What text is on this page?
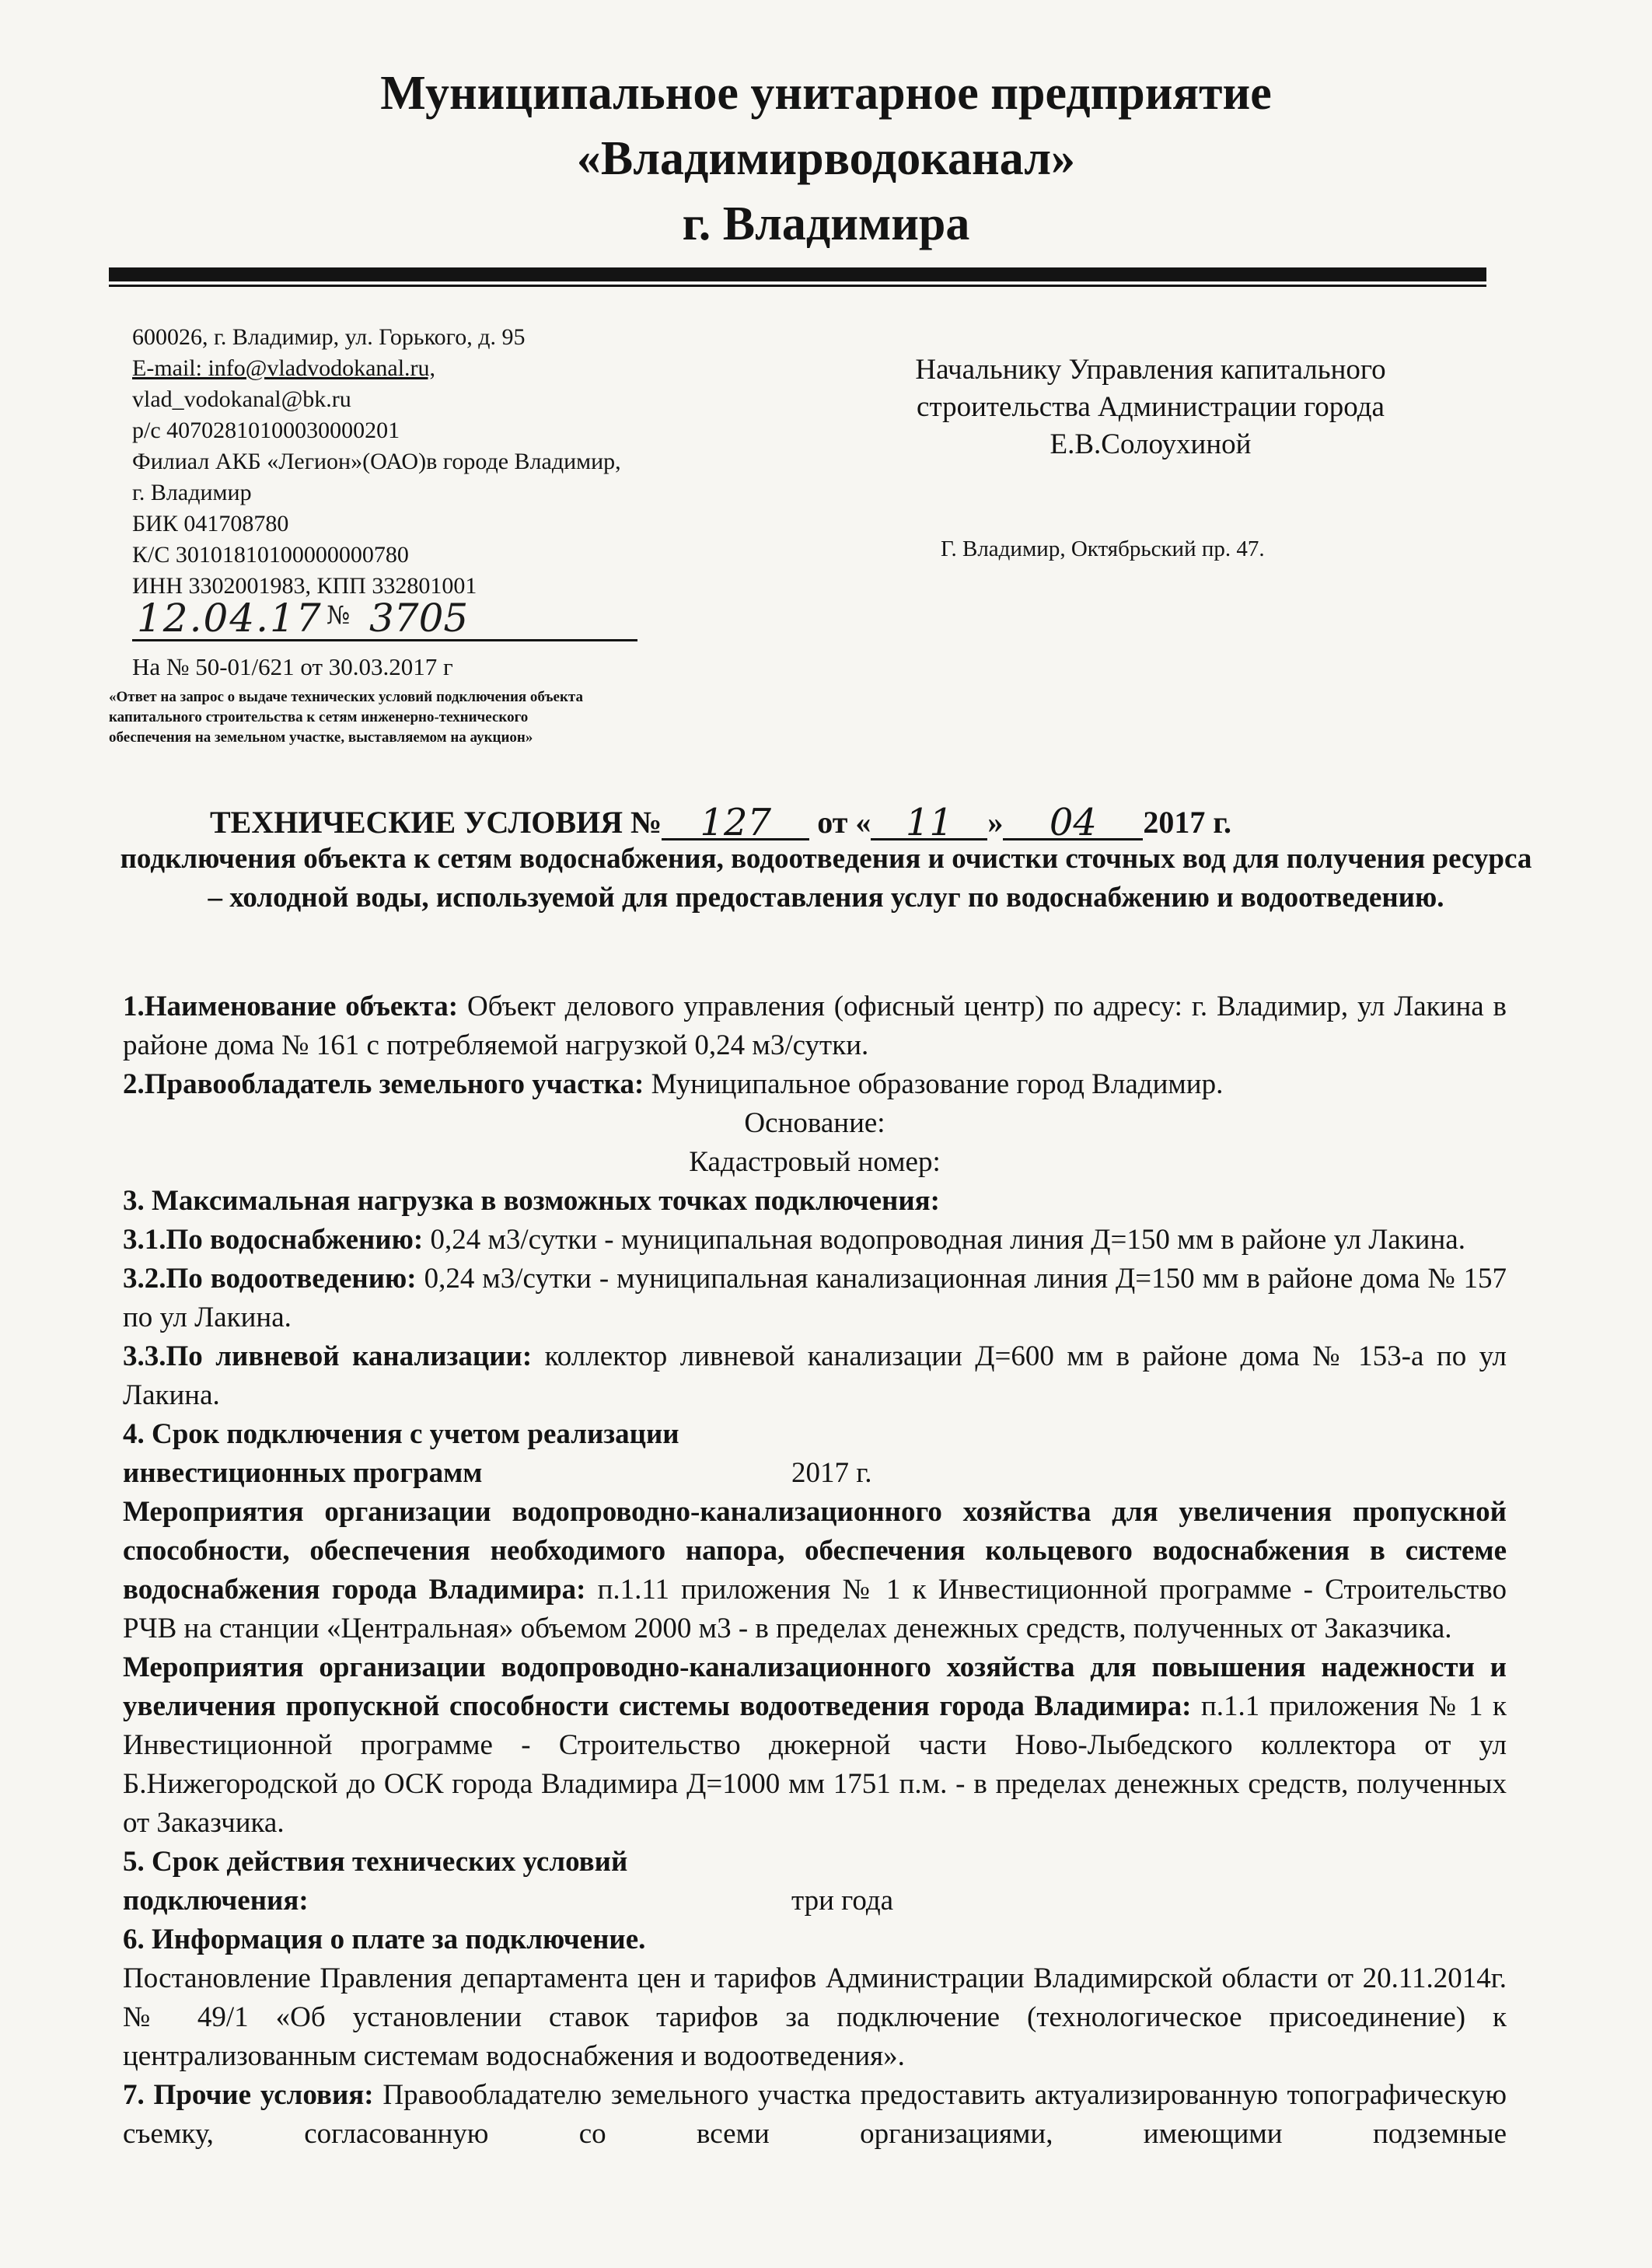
Муниципальное унитарное предприятие
«Владимирводоканал»
г. Владимира
600026, г. Владимир, ул. Горького, д. 95
E-mail: info@vladvodokanal.ru,
vlad_vodokanal@bk.ru
р/с 40702810100030000201
Филиал АКБ «Легион»(ОАО)в городе Владимир,
г. Владимир
БИК 041708780
К/С 30101810100000000780
ИНН 3302001983, КПП 332801001
12.04.17 № 3705
На № 50-01/621 от 30.03.2017 г
«Ответ на запрос о выдаче технических условий подключения объекта капитального строительства к сетям инженерно-технического обеспечения на земельном участке, выставляемом на аукцион»
Начальнику Управления капитального
строительства Администрации города
Е.В.Солоухиной
Г. Владимир, Октябрьский пр. 47.
ТЕХНИЧЕСКИЕ УСЛОВИЯ № 127 от « 11 » 04 2017 г.
подключения объекта к сетям водоснабжения, водоотведения и очистки сточных вод для получения ресурса – холодной воды, используемой для предоставления услуг по водоснабжению и водоотведению.

1.Наименование объекта: Объект делового управления (офисный центр) по адресу: г. Владимир, ул Лакина в районе дома № 161 с потребляемой нагрузкой 0,24 м3/сутки.

2.Правообладатель земельного участка: Муниципальное образование город Владимир.

Основание:

Кадастровый номер:

3. Максимальная нагрузка в возможных точках подключения:

3.1.По водоснабжению: 0,24 м3/сутки - муниципальная водопроводная линия Д=150 мм в районе ул Лакина.

3.2.По водоотведению: 0,24 м3/сутки - муниципальная канализационная линия Д=150 мм в районе дома № 157 по ул Лакина.

3.3.По ливневой канализации: коллектор ливневой канализации Д=600 мм в районе дома № 153-а по ул Лакина.

4. Срок подключения с учетом реализации

инвестиционных программ	2017 г.

Мероприятия организации водопроводно-канализационного хозяйства для увеличения пропускной способности, обеспечения необходимого напора, обеспечения кольцевого водоснабжения в системе водоснабжения города Владимира: п.1.11 приложения № 1 к Инвестиционной программе - Строительство РЧВ на станции «Центральная» объемом 2000 м3 - в пределах денежных средств, полученных от Заказчика.

Мероприятия организации водопроводно-канализационного хозяйства для повышения надежности и увеличения пропускной способности системы водоотведения города Владимира: п.1.1 приложения № 1 к Инвестиционной программе - Строительство дюкерной части Ново-Лыбедского коллектора от ул Б.Нижегородской до ОСК города Владимира Д=1000 мм 1751 п.м. - в пределах денежных средств, полученных от Заказчика.

5. Срок действия технических условий

подключения:	три года

6. Информация о плате за подключение.

Постановление Правления департамента цен и тарифов Администрации Владимирской области от 20.11.2014г. № 49/1 «Об установлении ставок тарифов за подключение (технологическое присоединение) к централизованным системам водоснабжения и водоотведения».

7. Прочие условия: Правообладателю земельного участка предоставить актуализированную топографическую съемку, согласованную со всеми организациями, имеющими подземные
